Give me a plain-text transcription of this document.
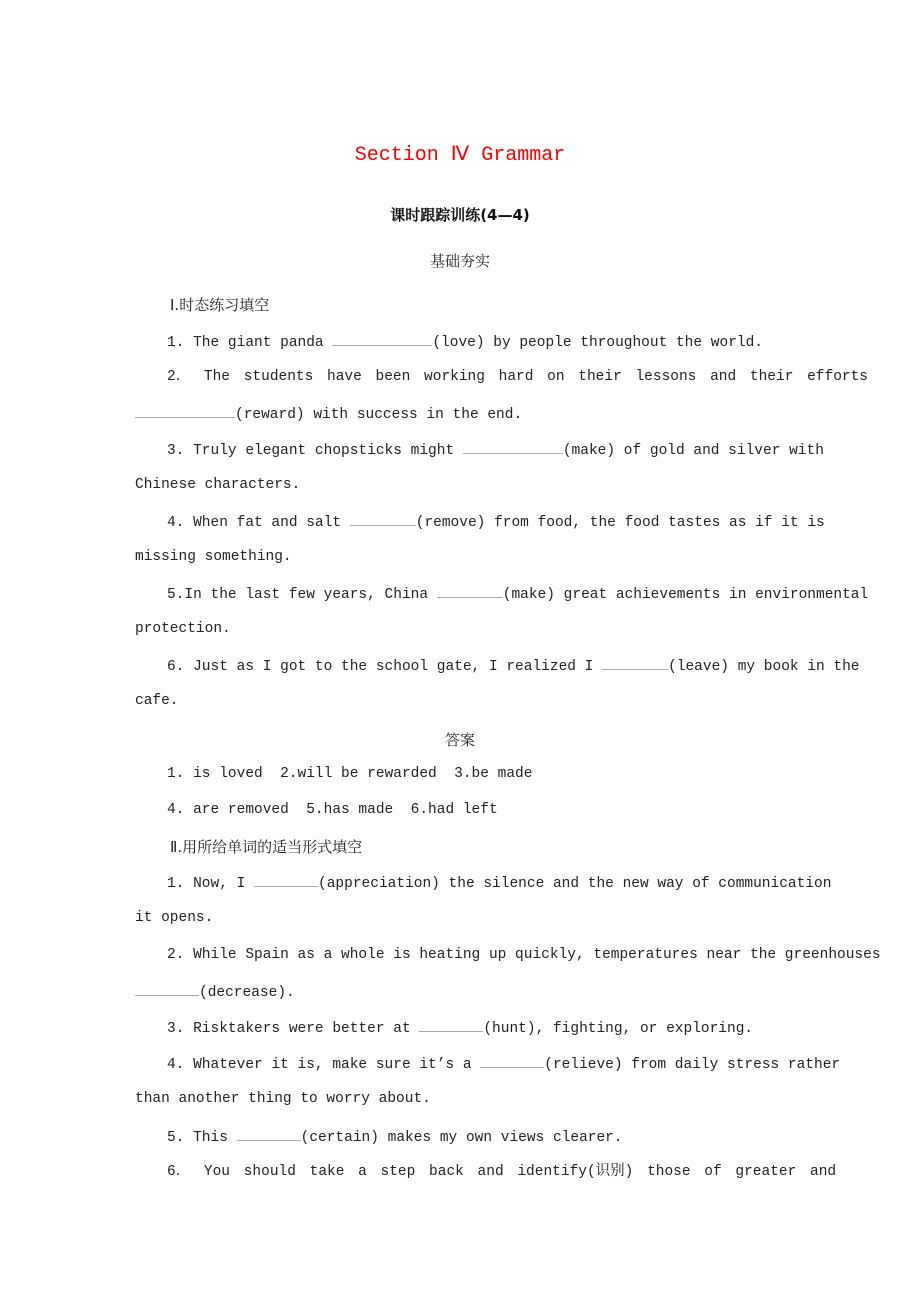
Section Ⅳ Grammar
课时跟踪训练(4—4)
基础夯实
Ⅰ.时态练习填空
1. The giant panda	(love) by people throughout the world.
2． The students have been working hard on their lessons and their efforts
(reward) with success in the end.
3. Truly elegant chopsticks might	(make) of gold and silver with
Chinese characters.
4. When fat and salt	(remove) from food, the food tastes as if it is
missing something.
5.In the last few years, China	(make) great achievements in environmental
protection.
6. Just as I got to the school gate, I realized I	(leave) my book in the
cafe.
答案
1. is loved  2.will be rewarded  3.be made
4. are removed  5.has made  6.had left
Ⅱ.用所给单词的适当形式填空
1. Now, I	(appreciation) the silence and the new way of communication
it opens.
2. While Spain as a whole is heating up quickly, temperatures near the greenhouses
(decrease).
3. Risktakers were better at	(hunt), fighting, or exploring.
4. Whatever it is, make sure it’s a	(relieve) from daily stress rather
than another thing to worry about.
5. This	(certain) makes my own views clearer.
6． You should take a step back and identify(识别) those of greater and
